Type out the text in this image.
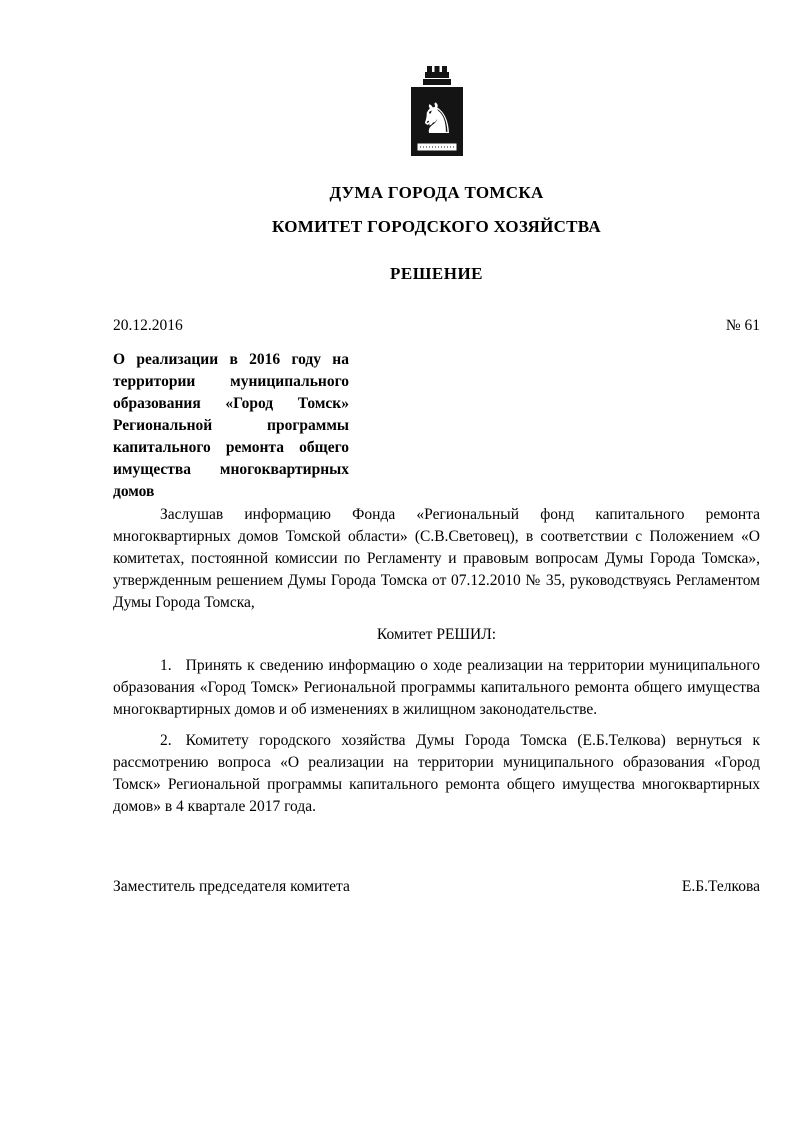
♞
ДУМА ГОРОДА ТОМСКА
КОМИТЕТ ГОРОДСКОГО ХОЗЯЙСТВА
РЕШЕНИЕ
20.12.2016	№ 61
О реализации в 2016 году на территории муниципального образования «Город Томск» Региональной программы капитального ремонта общего имущества многоквартирных домов

Заслушав информацию Фонда «Региональный фонд капитального ремонта многоквартирных домов Томской области» (С.В.Световец), в соответствии с Положением «О комитетах, постоянной комиссии по Регламенту и правовым вопросам Думы Города Томска», утвержденным решением Думы Города Томска от 07.12.2010 № 35, руководствуясь Регламентом Думы Города Томска,

Комитет РЕШИЛ:

1. Принять к сведению информацию о ходе реализации на территории муниципального образования «Город Томск» Региональной программы капитального ремонта общего имущества многоквартирных домов и об изменениях в жилищном законодательстве.

2. Комитету городского хозяйства Думы Города Томска (Е.Б.Телкова) вернуться к рассмотрению вопроса «О реализации на территории муниципального образования «Город Томск» Региональной программы капитального ремонта общего имущества многоквартирных домов» в 4 квартале 2017 года.

Заместитель председателя комитета	Е.Б.Телкова
